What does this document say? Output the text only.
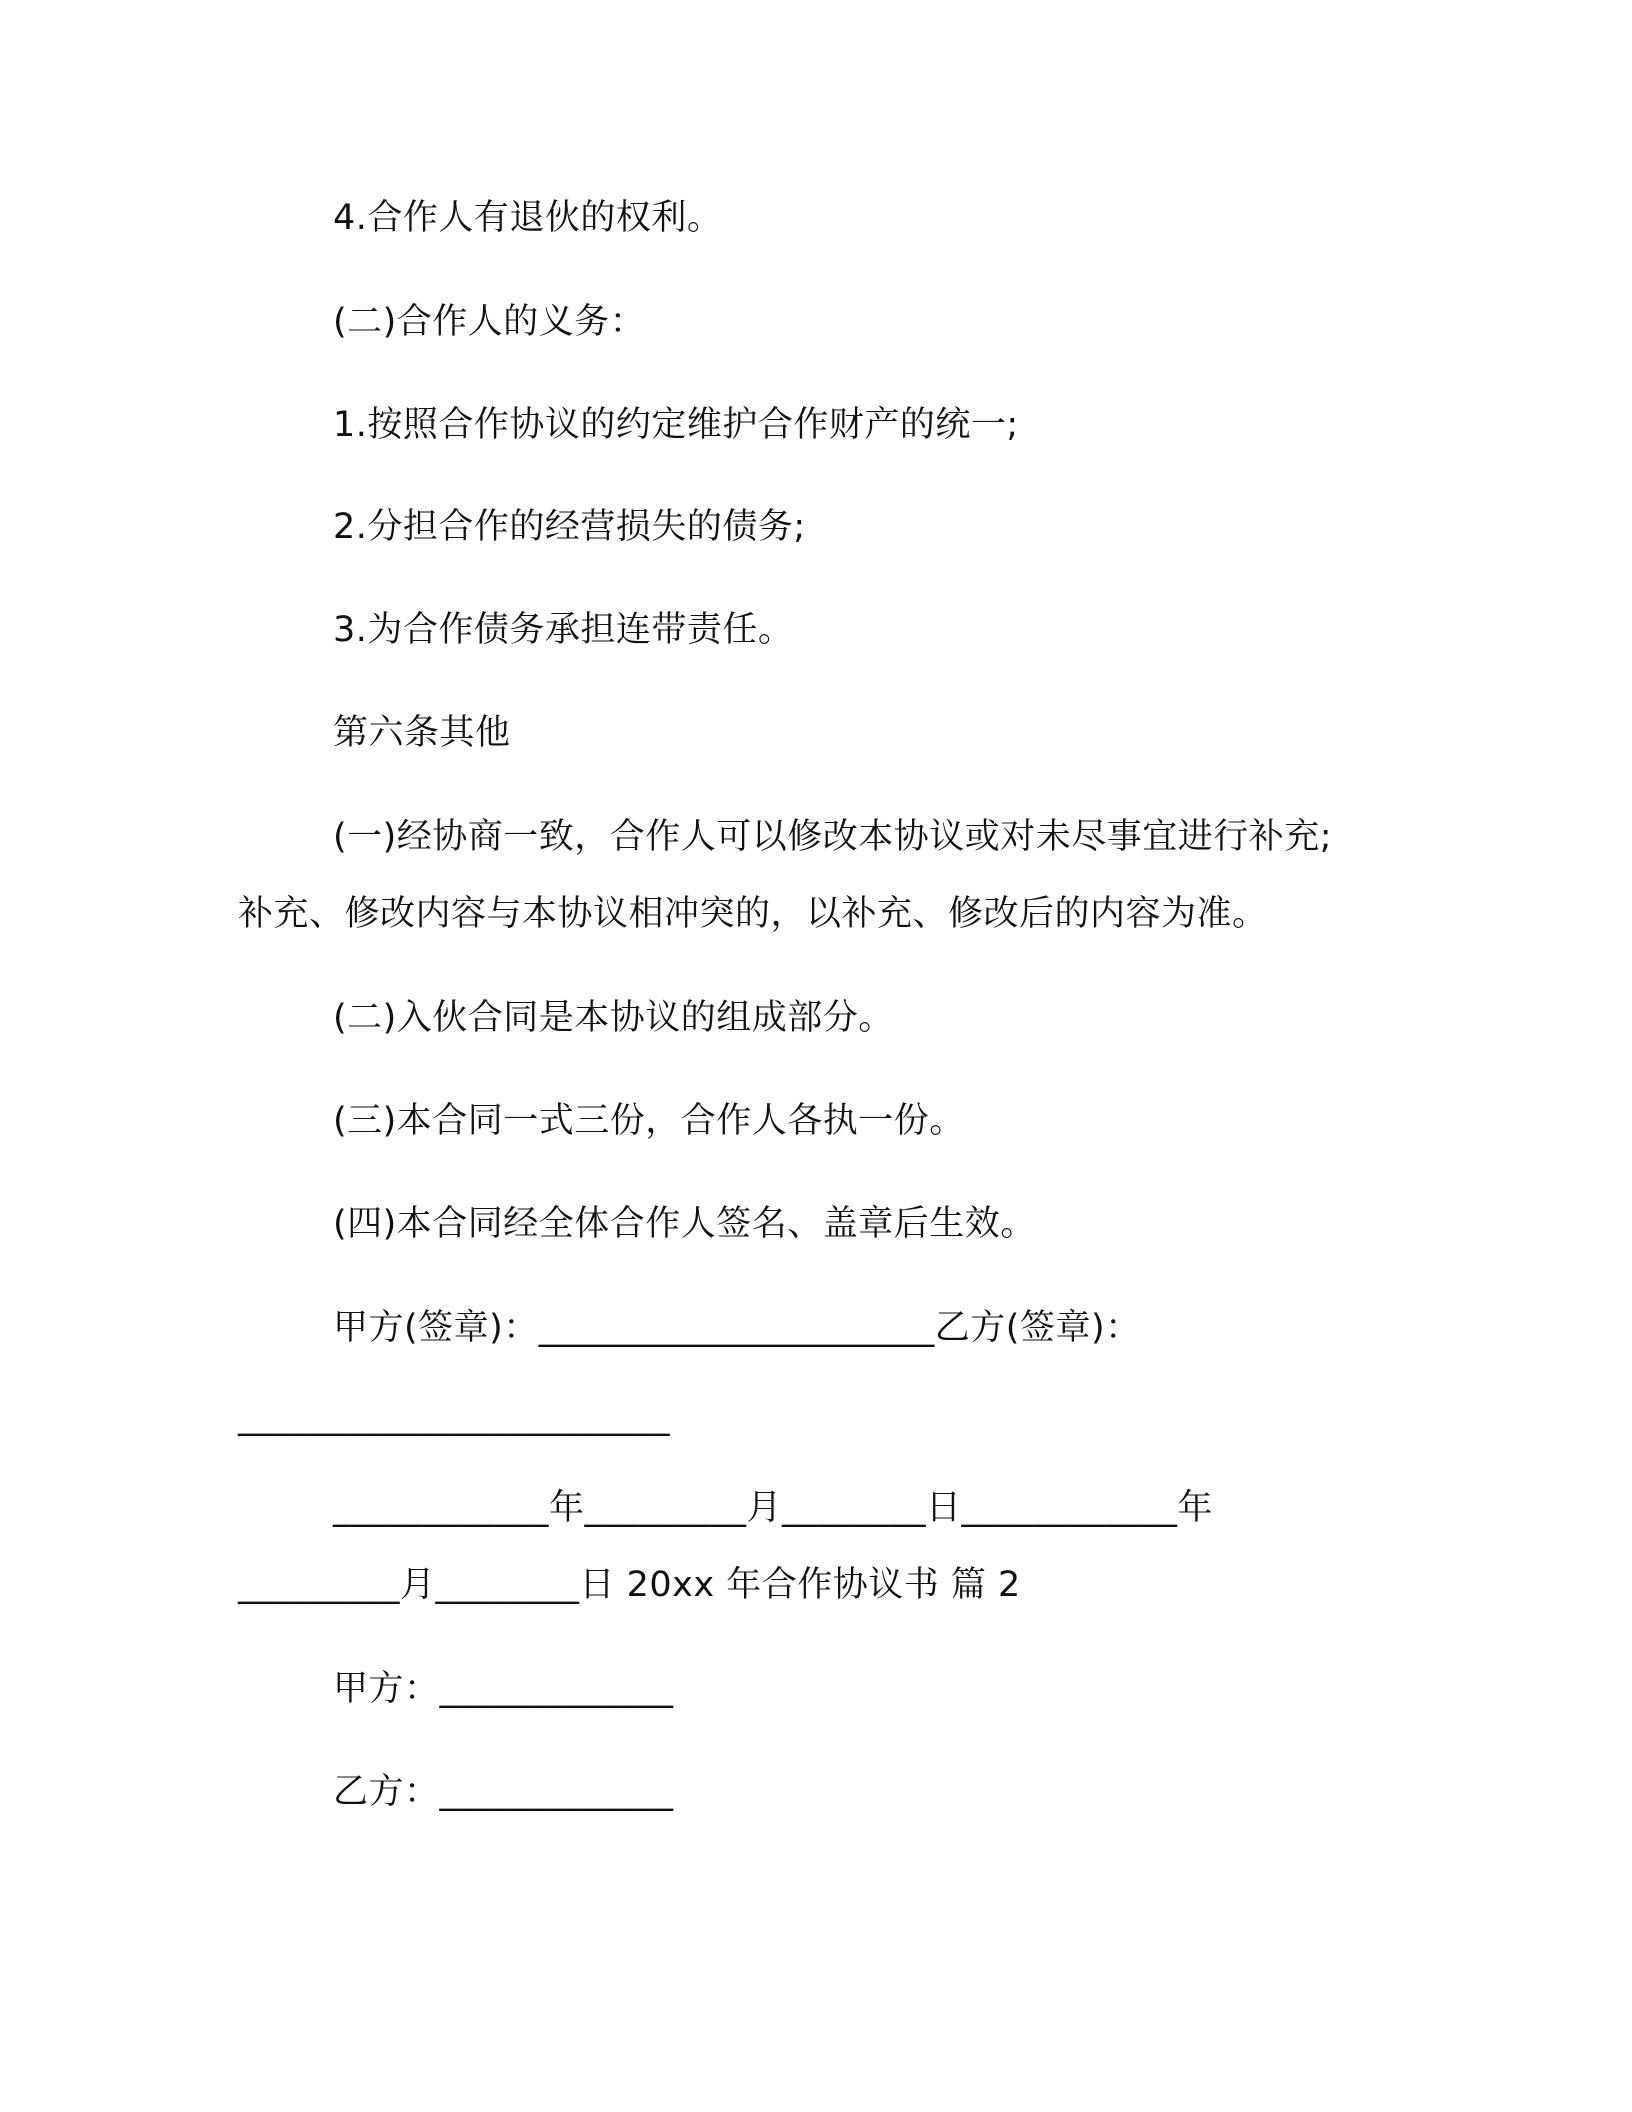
4.合作人有退伙的权利。
(二)合作人的义务：
1.按照合作协议的约定维护合作财产的统一;
2.分担合作的经营损失的债务;
3.为合作债务承担连带责任。
第六条其他
(一)经协商一致，合作人可以修改本协议或对未尽事宜进行补充;
补充、修改内容与本协议相冲突的，以补充、修改后的内容为准。
(二)入伙合同是本协议的组成部分。
(三)本合同一式三份，合作人各执一份。
(四)本合同经全体合作人签名、盖章后生效。
甲方(签章)：______________________乙方(签章)：
________________________
____________年_________月________日____________年
_________月________日 20xx 年合作协议书 篇 2
甲方：_____________
乙方：_____________
